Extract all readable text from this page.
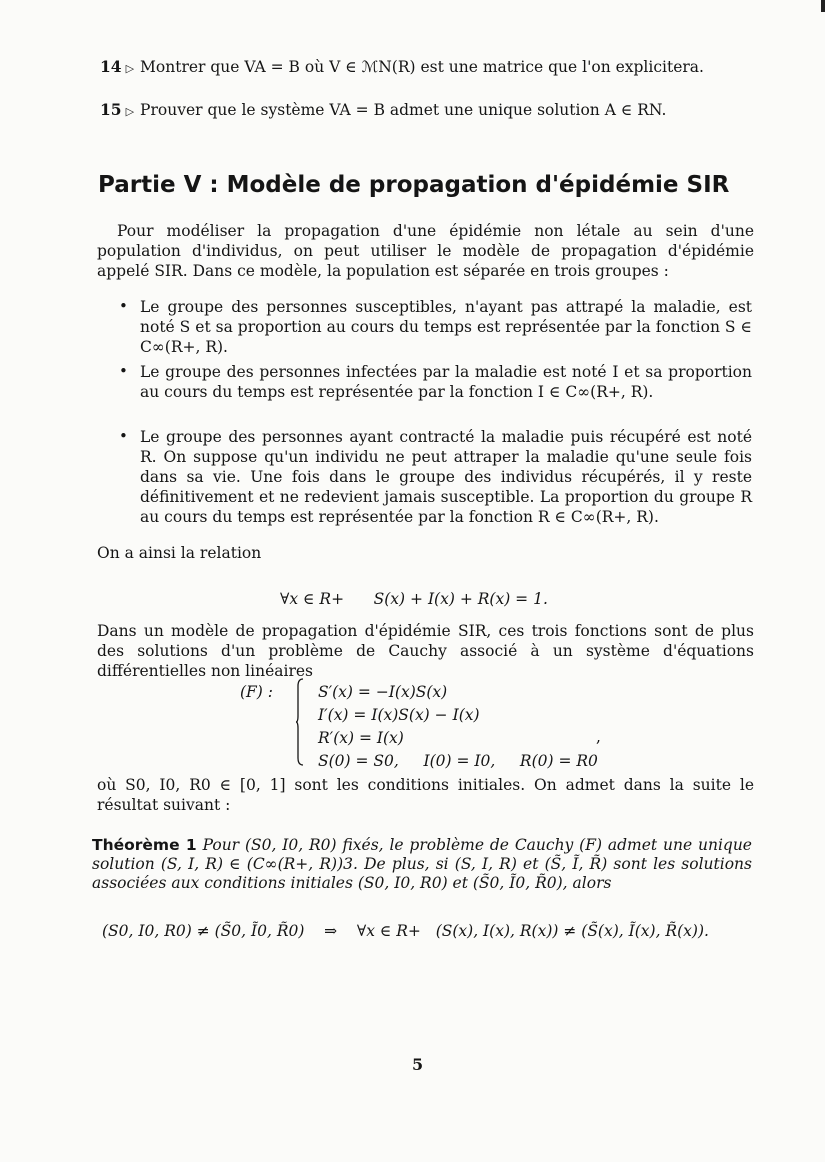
14 ▷ Montrer que VA = B où V ∈ ℳN(R) est une matrice que l'on explicitera.
15 ▷ Prouver que le système VA = B admet une unique solution A ∈ RN.
Partie V : Modèle de propagation d'épidémie SIR
Pour modéliser la propagation d'une épidémie non létale au sein d'une population d'individus, on peut utiliser le modèle de propagation d'épidémie appelé SIR. Dans ce modèle, la population est séparée en trois groupes :
• Le groupe des personnes susceptibles, n'ayant pas attrapé la maladie, est noté S et sa proportion au cours du temps est représentée par la fonction S ∈ C∞(R+, R).
• Le groupe des personnes infectées par la maladie est noté I et sa proportion au cours du temps est représentée par la fonction I ∈ C∞(R+, R).
• Le groupe des personnes ayant contracté la maladie puis récupéré est noté R. On suppose qu'un individu ne peut attraper la maladie qu'une seule fois dans sa vie. Une fois dans le groupe des individus récupérés, il y reste définitivement et ne redevient jamais susceptible. La proportion du groupe R au cours du temps est représentée par la fonction R ∈ C∞(R+, R).
On a ainsi la relation
∀x ∈ R+      S(x) + I(x) + R(x) = 1.
Dans un modèle de propagation d'épidémie SIR, ces trois fonctions sont de plus des solutions d'un problème de Cauchy associé à un système d'équations différentielles non linéaires
(F) :	S′(x) = −I(x)S(x)
I′(x) = I(x)S(x) − I(x)
R′(x) = I(x)
S(0) = S0,     I(0) = I0,     R(0) = R0
,
où S0, I0, R0 ∈ [0, 1] sont les conditions initiales. On admet dans la suite le résultat suivant :
Théorème 1 Pour (S0, I0, R0) fixés, le problème de Cauchy (F) admet une unique solution (S, I, R) ∈ (C∞(R+, R))3. De plus, si (S, I, R) et (S̃, Ĩ, R̃) sont les solutions associées aux conditions initiales (S0, I0, R0) et (S̃0, Ĩ0, R̃0), alors
(S0, I0, R0) ≠ (S̃0, Ĩ0, R̃0)    ⇒    ∀x ∈ R+   (S(x), I(x), R(x)) ≠ (S̃(x), Ĩ(x), R̃(x)).
5
